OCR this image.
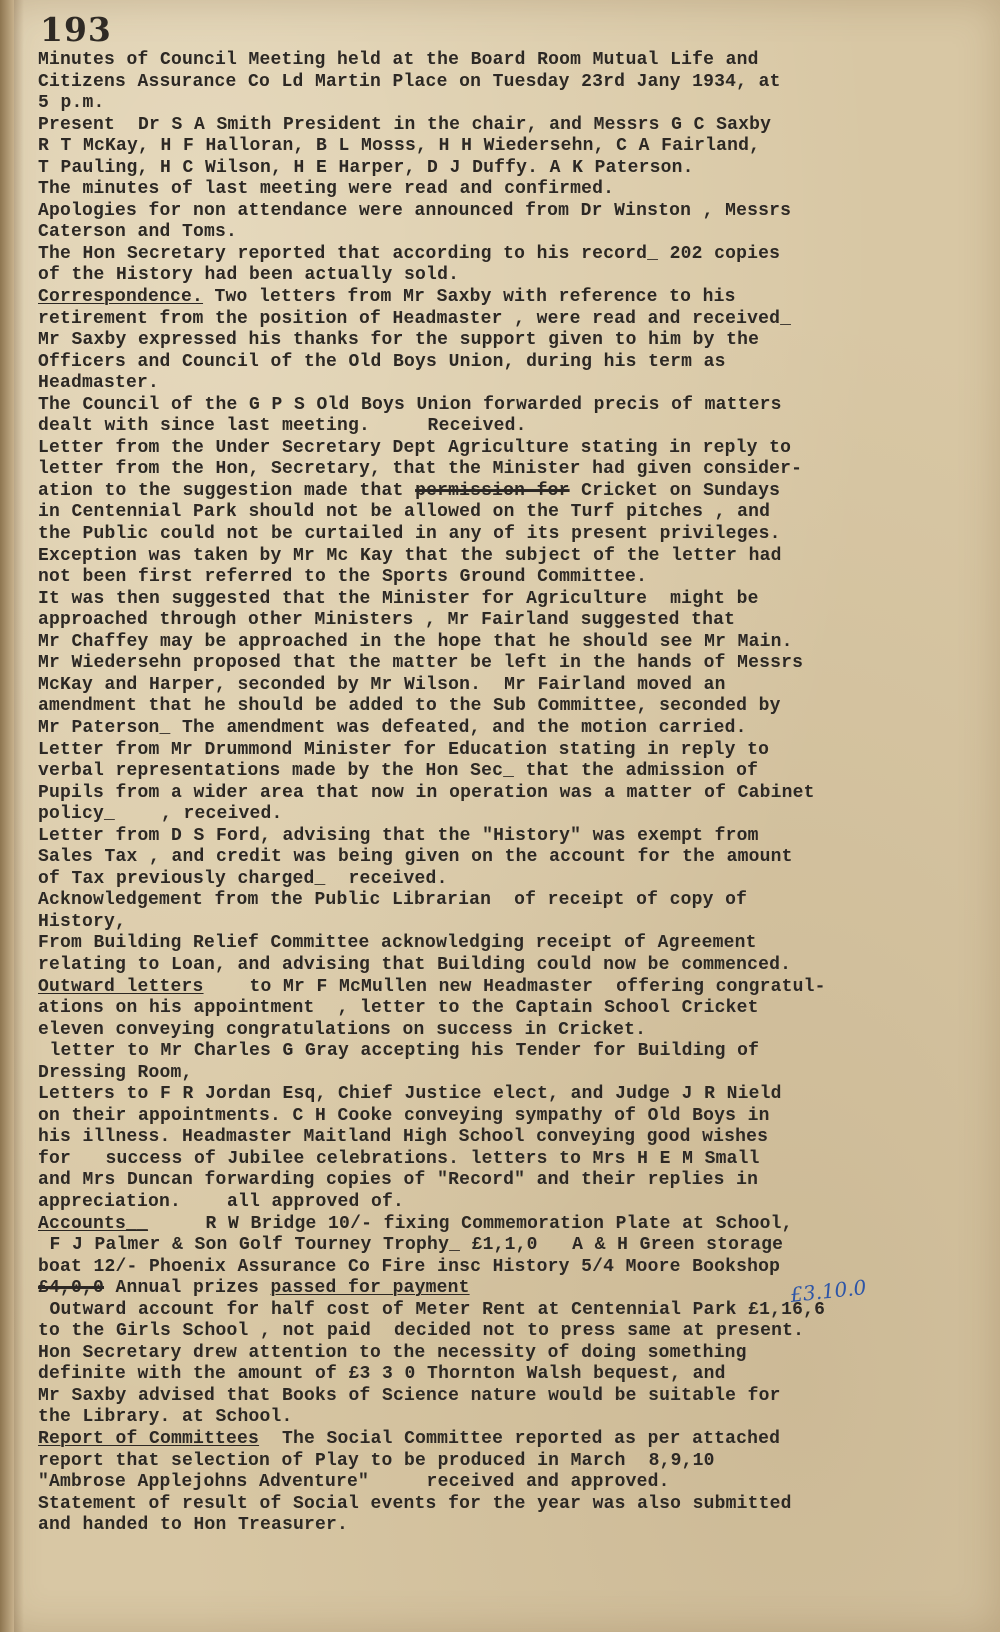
193
Minutes of Council Meeting held at the Board Room Mutual Life and
Citizens Assurance Co Ld Martin Place on Tuesday 23rd Jany 1934, at
5 p.m.
Present  Dr S A Smith President in the chair, and Messrs G C Saxby
R T McKay, H F Halloran, B L Mosss, H H Wiedersehn, C A Fairland,
T Pauling, H C Wilson, H E Harper, D J Duffy. A K Paterson.
The minutes of last meeting were read and confirmed.
Apologies for non attendance were announced from Dr Winston , Messrs
Caterson and Toms.
The Hon Secretary reported that according to his record_ 202 copies
of the History had been actually sold.
Correspondence. Two letters from Mr Saxby with reference to his
retirement from the position of Headmaster , were read and received_
Mr Saxby expressed his thanks for the support given to him by the
Officers and Council of the Old Boys Union, during his term as
Headmaster.
The Council of the G P S Old Boys Union forwarded precis of matters
dealt with since last meeting.     Received.
Letter from the Under Secretary Dept Agriculture stating in reply to
letter from the Hon, Secretary, that the Minister had given consider-
ation to the suggestion made that permission for Cricket on Sundays
in Centennial Park should not be allowed on the Turf pitches , and
the Public could not be curtailed in any of its present privileges.
Exception was taken by Mr Mc Kay that the subject of the letter had
not been first referred to the Sports Ground Committee.
It was then suggested that the Minister for Agriculture  might be
approached through other Ministers , Mr Fairland suggested that
Mr Chaffey may be approached in the hope that he should see Mr Main.
Mr Wiedersehn proposed that the matter be left in the hands of Messrs
McKay and Harper, seconded by Mr Wilson.  Mr Fairland moved an
amendment that he should be added to the Sub Committee, seconded by
Mr Paterson_ The amendment was defeated, and the motion carried.
Letter from Mr Drummond Minister for Education stating in reply to
verbal representations made by the Hon Sec_ that the admission of
Pupils from a wider area that now in operation was a matter of Cabinet
policy_    , received.
Letter from D S Ford, advising that the "History" was exempt from
Sales Tax , and credit was being given on the account for the amount
of Tax previously charged_  received.
Acknowledgement from the Public Librarian  of receipt of copy of
History,
From Building Relief Committee acknowledging receipt of Agreement
relating to Loan, and advising that Building could now be commenced.
Outward letters    to Mr F McMullen new Headmaster  offering congratul-
ations on his appointment  , letter to the Captain School Cricket
eleven conveying congratulations on success in Cricket.
letter to Mr Charles G Gray accepting his Tender for Building of
Dressing Room,
Letters to F R Jordan Esq, Chief Justice elect, and Judge J R Nield
on their appointments. C H Cooke conveying sympathy of Old Boys in
his illness. Headmaster Maitland High School conveying good wishes
for   success of Jubilee celebrations. letters to Mrs H E M Small
and Mrs Duncan forwarding copies of "Record" and their replies in
appreciation.    all approved of.
Accounts__     R W Bridge 10/- fixing Commemoration Plate at School,
F J Palmer & Son Golf Tourney Trophy_ £1,1,0   A & H Green storage
boat 12/- Phoenix Assurance Co Fire insc History 5/4 Moore Bookshop
£4,0,0 Annual prizes passed for payment
Outward account for half cost of Meter Rent at Centennial Park £1,16,6
to the Girls School , not paid  decided not to press same at present.
Hon Secretary drew attention to the necessity of doing something
definite with the amount of £3 3 0 Thornton Walsh bequest, and
Mr Saxby advised that Books of Science nature would be suitable for
the Library. at School.
Report of Committees  The Social Committee reported as per attached
report that selection of Play to be produced in March  8,9,10
"Ambrose Applejohns Adventure"     received and approved.
Statement of result of Social events for the year was also submitted
and handed to Hon Treasurer.

£3.10.0
